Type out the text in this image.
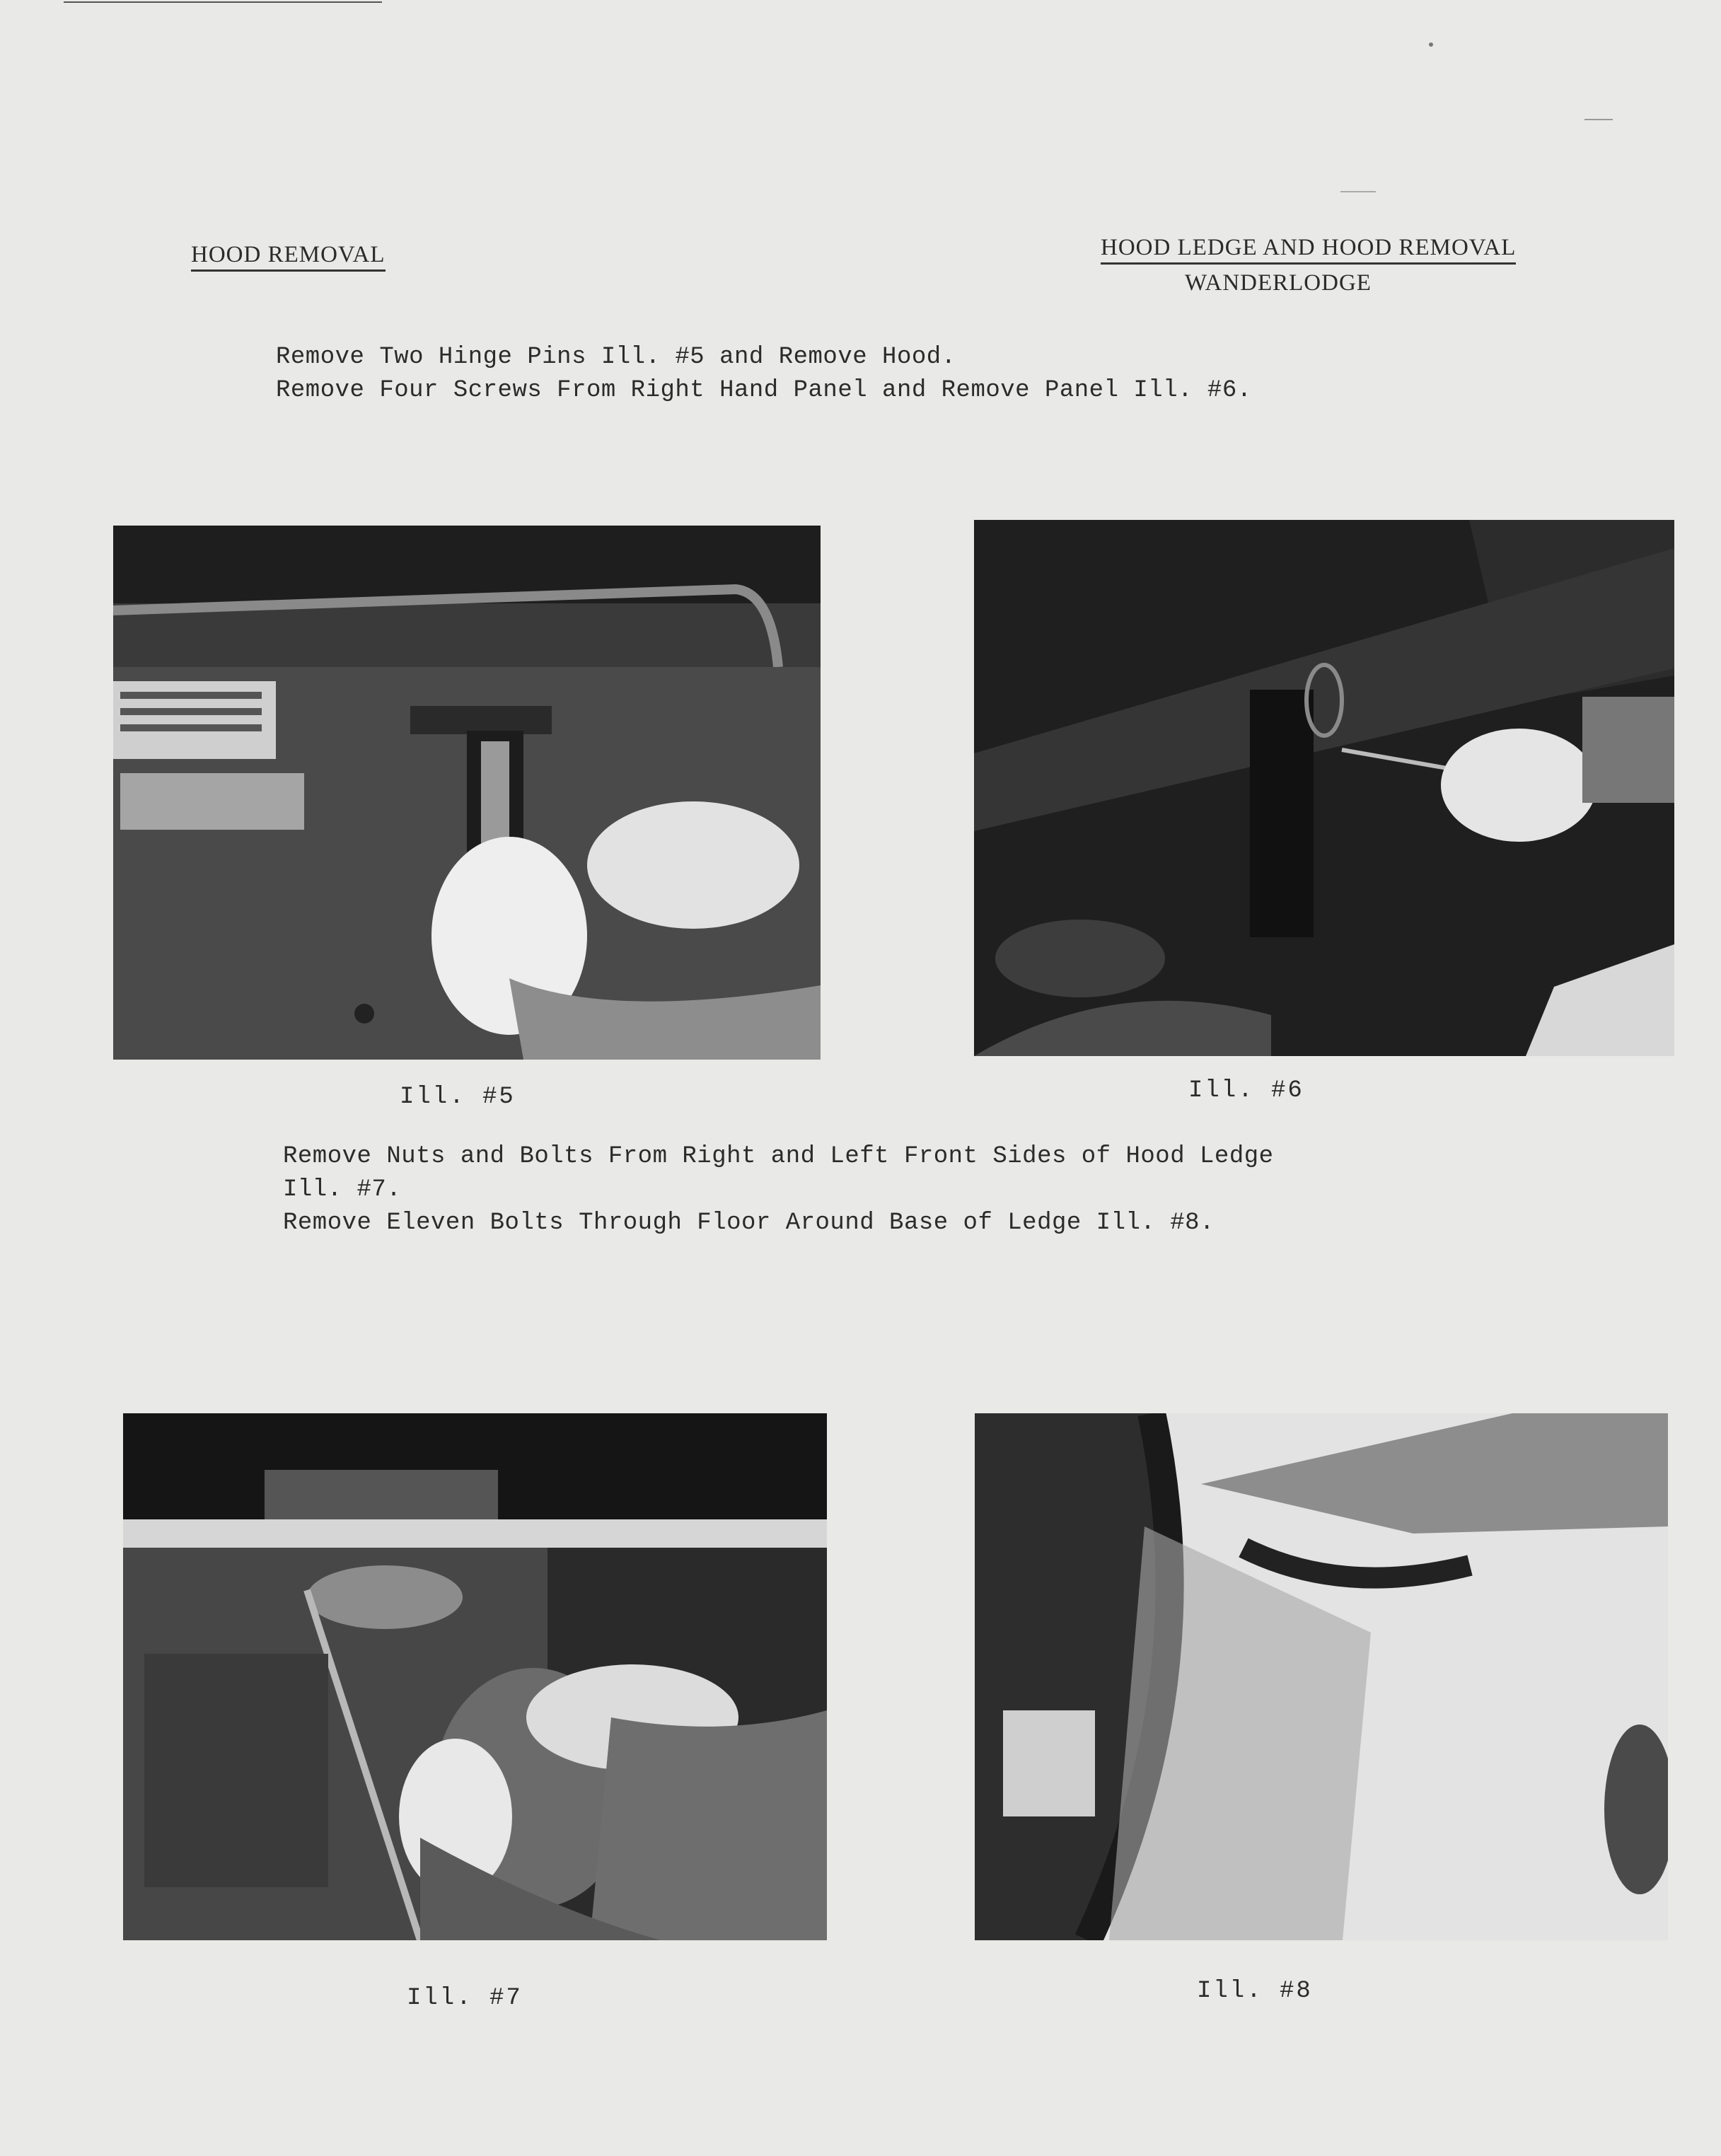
HOOD REMOVAL	HOOD LEDGE AND HOOD REMOVAL
WANDERLODGE
Remove Two Hinge Pins Ill. #5 and Remove Hood.
Remove Four Screws From Right Hand Panel and Remove Panel Ill. #6.
Ill. #5	Ill. #6
Remove Nuts and Bolts From Right and Left Front Sides of Hood Ledge
Ill. #7.
Remove Eleven Bolts Through Floor Around Base of Ledge Ill. #8.
Ill. #7	Ill. #8
